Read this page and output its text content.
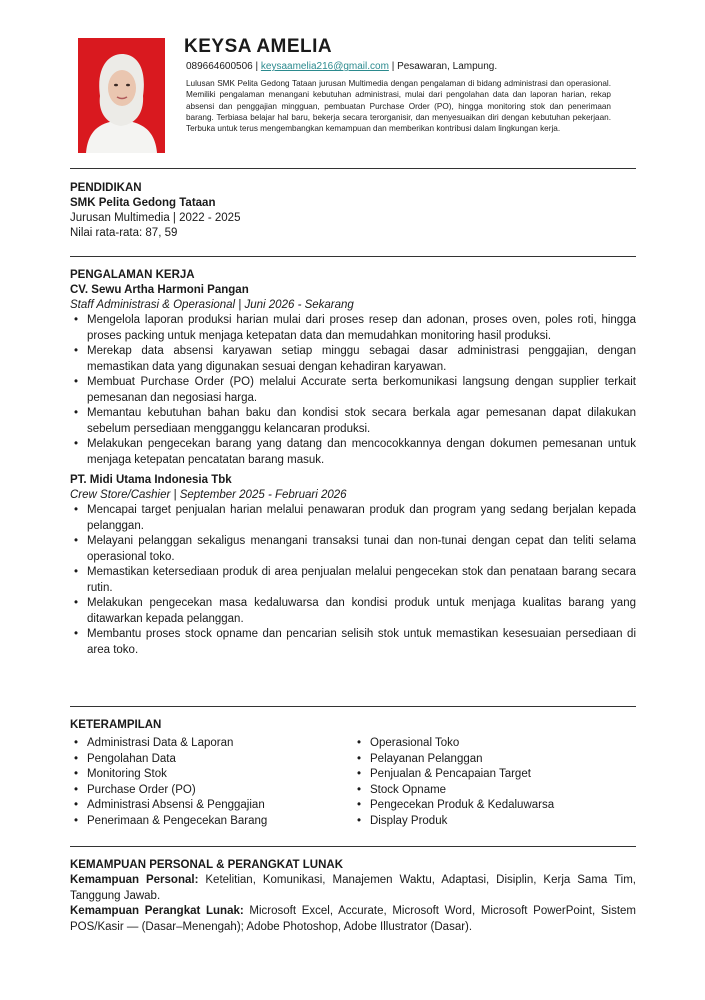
KEYSA AMELIA
089664600506 | keysaamelia216@gmail.com | Pesawaran, Lampung.
Lulusan SMK Pelita Gedong Tataan jurusan Multimedia dengan pengalaman di bidang administrasi dan operasional. Memiliki pengalaman menangani kebutuhan administrasi, mulai dari pengolahan data dan laporan harian, rekap absensi dan penggajian mingguan, pembuatan Purchase Order (PO), hingga monitoring stok dan penerimaan barang. Terbiasa belajar hal baru, bekerja secara terorganisir, dan menyesuaikan diri dengan kebutuhan pekerjaan. Terbuka untuk terus mengembangkan kemampuan dan memberikan kontribusi dalam lingkungan kerja.
PENDIDIKAN
SMK Pelita Gedong Tataan
Jurusan Multimedia | 2022 - 2025
Nilai rata-rata: 87, 59
PENGALAMAN KERJA
CV. Sewu Artha Harmoni Pangan
Staff Administrasi & Operasional | Juni 2026 - Sekarang
• Mengelola laporan produksi harian mulai dari proses resep dan adonan, proses oven, poles roti, hingga proses packing untuk menjaga ketepatan data dan memudahkan monitoring hasil produksi.
• Merekap data absensi karyawan setiap minggu sebagai dasar administrasi penggajian, dengan memastikan data yang digunakan sesuai dengan kehadiran karyawan.
• Membuat Purchase Order (PO) melalui Accurate serta berkomunikasi langsung dengan supplier terkait pemesanan dan negosiasi harga.
• Memantau kebutuhan bahan baku dan kondisi stok secara berkala agar pemesanan dapat dilakukan sebelum persediaan mengganggu kelancaran produksi.
• Melakukan pengecekan barang yang datang dan mencocokkannya dengan dokumen pemesanan untuk menjaga ketepatan pencatatan barang masuk.
PT. Midi Utama Indonesia Tbk
Crew Store/Cashier | September 2025 - Februari 2026
• Mencapai target penjualan harian melalui penawaran produk dan program yang sedang berjalan kepada pelanggan.
• Melayani pelanggan sekaligus menangani transaksi tunai dan non-tunai dengan cepat dan teliti selama operasional toko.
• Memastikan ketersediaan produk di area penjualan melalui pengecekan stok dan penataan barang secara rutin.
• Melakukan pengecekan masa kedaluwarsa dan kondisi produk untuk menjaga kualitas barang yang ditawarkan kepada pelanggan.
• Membantu proses stock opname dan pencarian selisih stok untuk memastikan kesesuaian persediaan di area toko.
KETERAMPILAN
• Administrasi Data & Laporan
• Pengolahan Data
• Monitoring Stok
• Purchase Order (PO)
• Administrasi Absensi & Penggajian
• Penerimaan & Pengecekan Barang
• Operasional Toko
• Pelayanan Pelanggan
• Penjualan & Pencapaian Target
• Stock Opname
• Pengecekan Produk & Kedaluwarsa
• Display Produk
KEMAMPUAN PERSONAL & PERANGKAT LUNAK
Kemampuan Personal: Ketelitian, Komunikasi, Manajemen Waktu, Adaptasi, Disiplin, Kerja Sama Tim, Tanggung Jawab.
Kemampuan Perangkat Lunak: Microsoft Excel, Accurate, Microsoft Word, Microsoft PowerPoint, Sistem POS/Kasir — (Dasar–Menengah); Adobe Photoshop, Adobe Illustrator (Dasar).
